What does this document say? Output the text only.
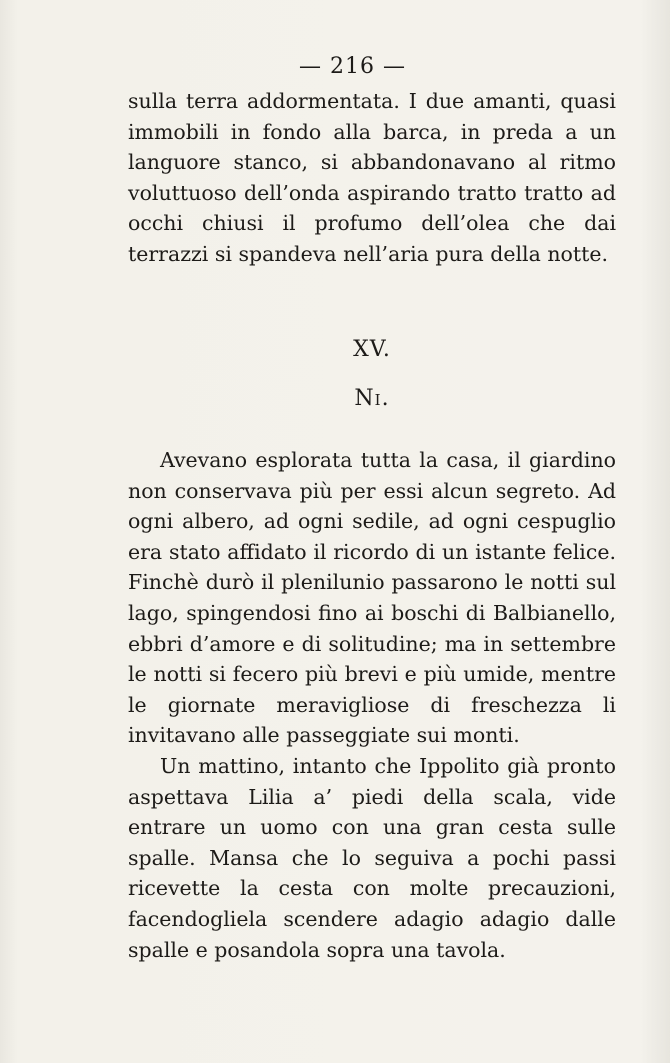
— 216 —

sulla terra addormentata. I due amanti, quasi immobili in fondo alla barca, in preda a un languore stanco, si abbandonavano al ritmo voluttuoso dell’onda aspirando tratto tratto ad occhi chiusi il profumo dell’olea che dai terrazzi si spandeva nell’aria pura della notte.

XV.
Ni.

Avevano esplorata tutta la casa, il giardino non conservava più per essi alcun segreto. Ad ogni albero, ad ogni sedile, ad ogni cespuglio era stato affidato il ricordo di un istante felice. Finchè durò il plenilunio passarono le notti sul lago, spingendosi fino ai boschi di Balbianello, ebbri d’amore e di solitudine; ma in settembre le notti si fecero più brevi e più umide, mentre le giornate meravigliose di freschezza li invitavano alle passeggiate sui monti.

Un mattino, intanto che Ippolito già pronto aspettava Lilia a’ piedi della scala, vide entrare un uomo con una gran cesta sulle spalle. Mansa che lo seguiva a pochi passi ricevette la cesta con molte precauzioni, facendogliela scendere adagio adagio dalle spalle e posandola sopra una tavola.
